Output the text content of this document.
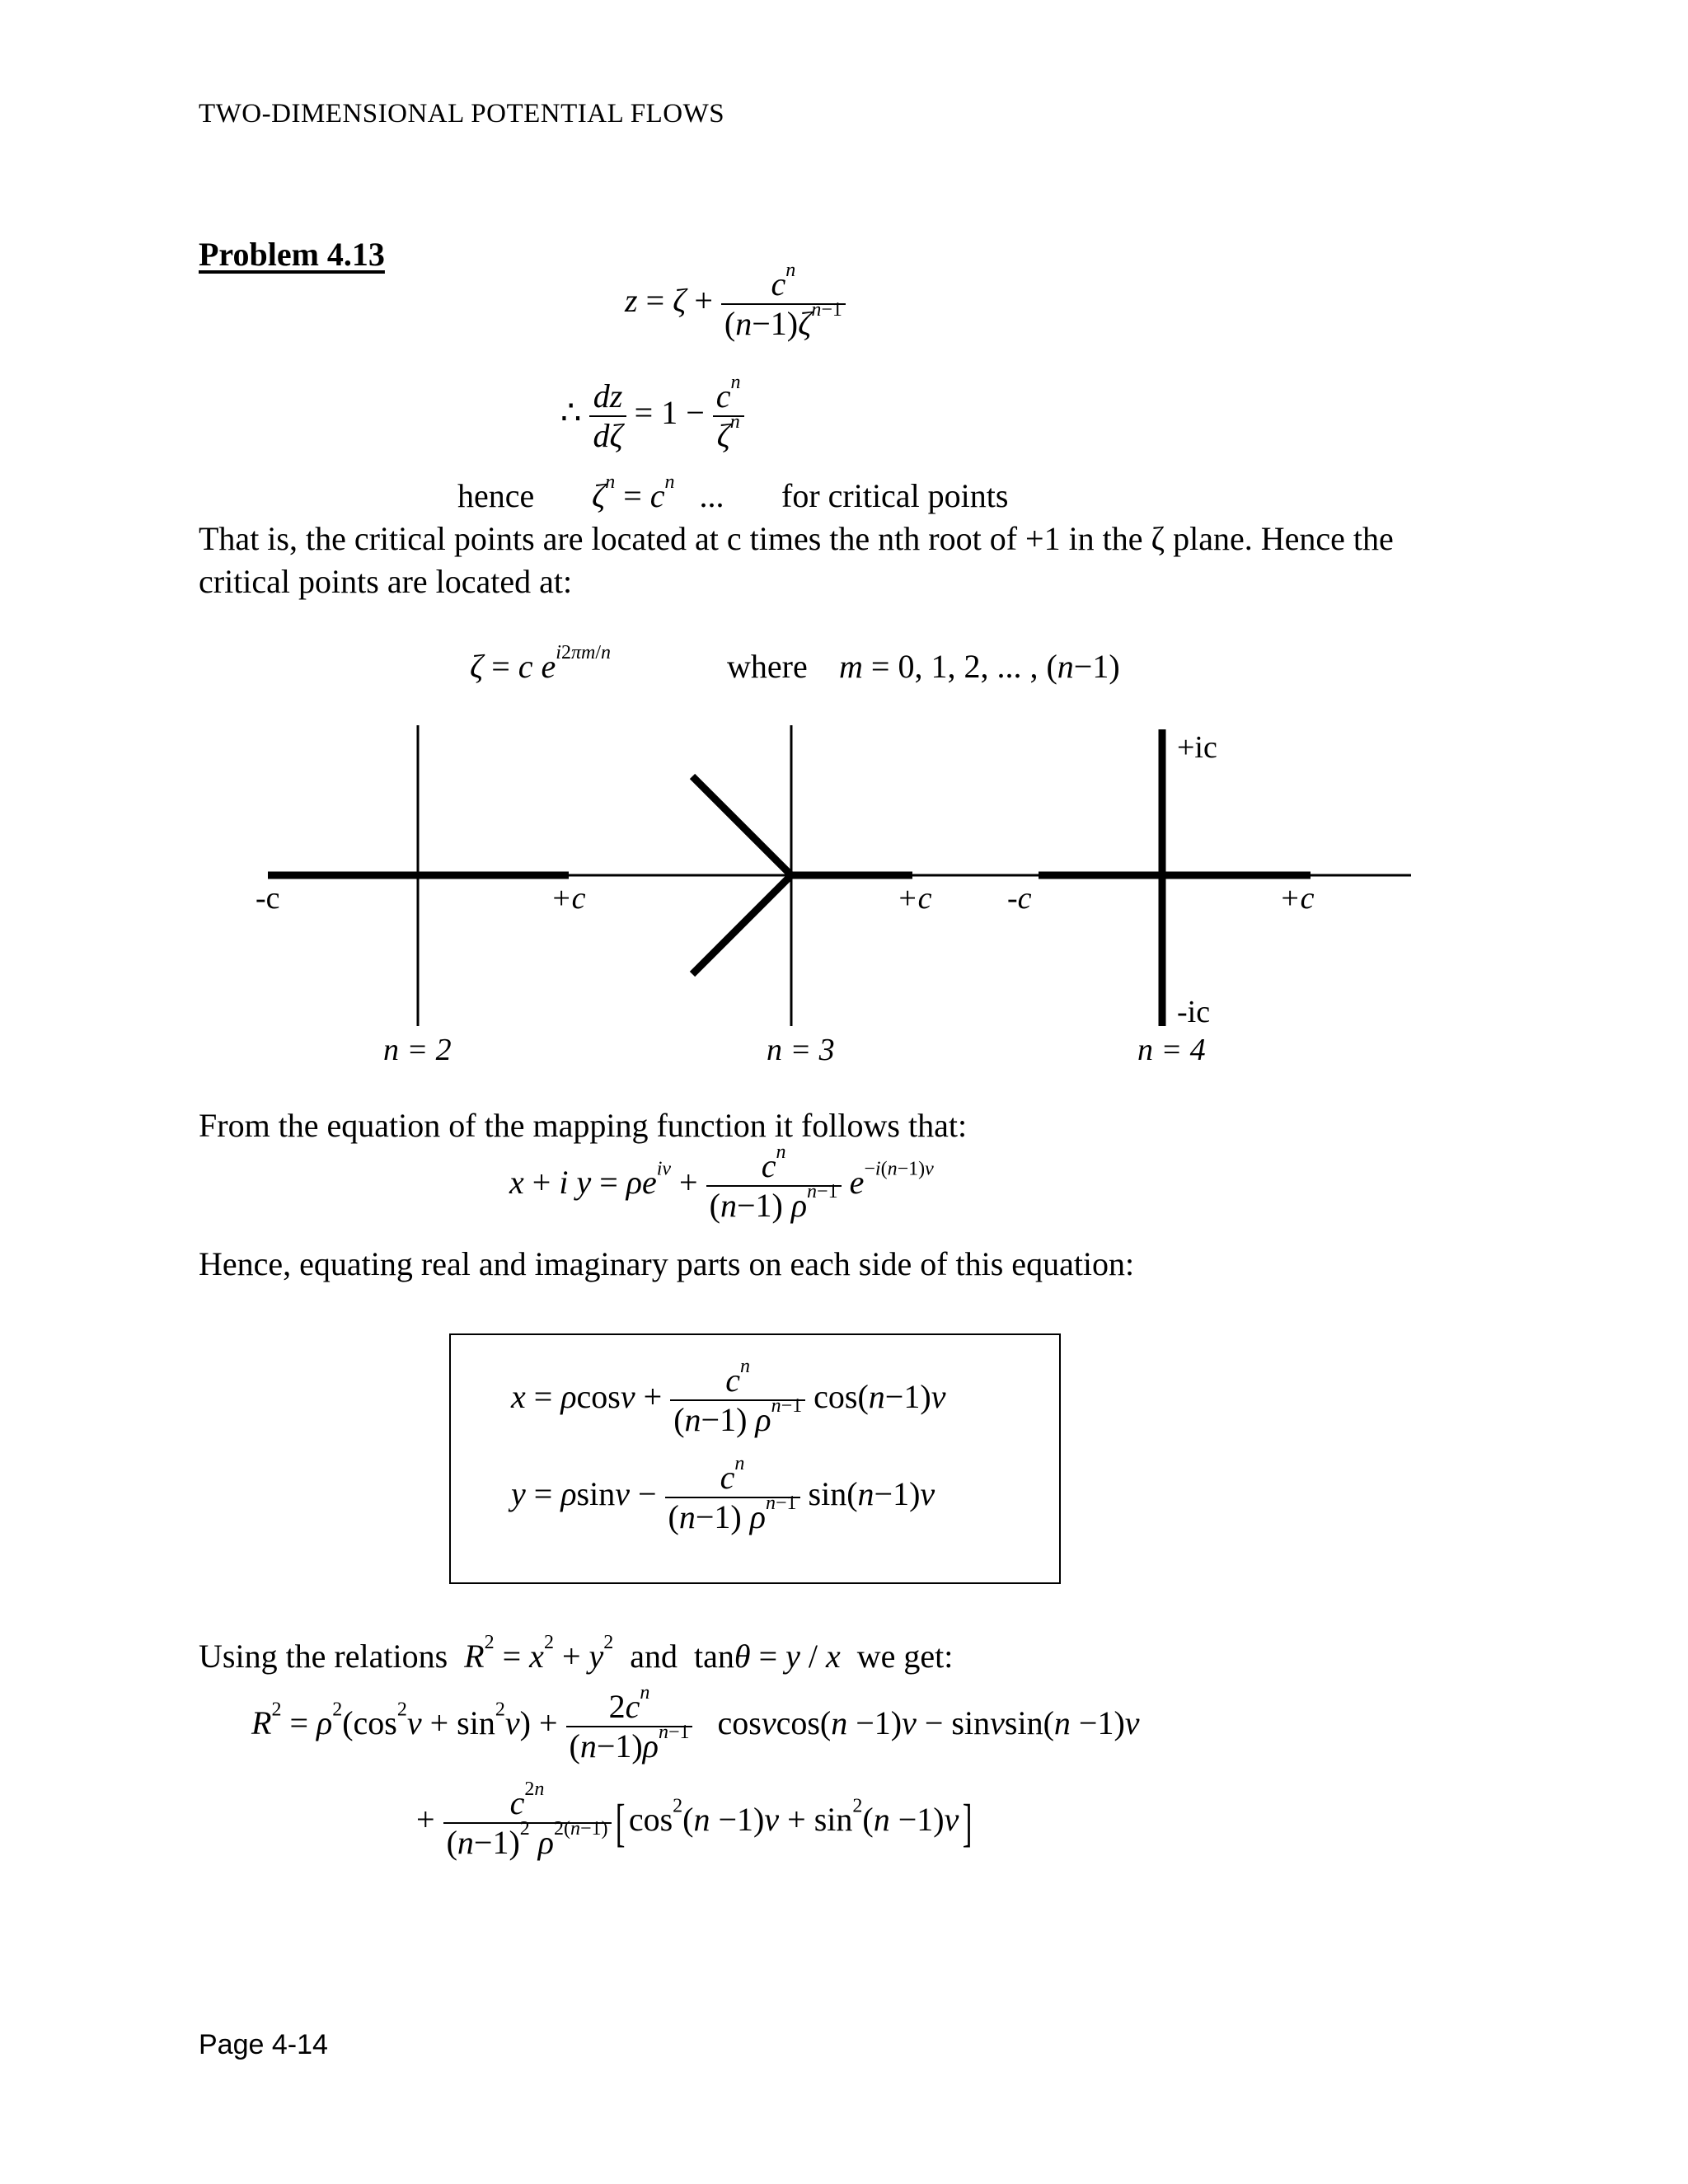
TWO-DIMENSIONAL POTENTIAL FLOWS
Problem 4.13
$z = \zeta + \frac{c^n}{(n-1)\zeta^{n-1}}$
∴ $\frac{dz}{d\zeta} = 1 - \frac{c^n}{\zeta^n}$
hence $\zeta^n = c^n$   ... for critical points
That is, the critical points are located at c times the nth root of +1 in the ζ plane. Hence the
critical points are located at:
ζ = c $e^{i2\pi m/n}$	where m = 0, 1, 2, ... , (n−1)
-c	+c
n = 2
+c
n = 3
-c	+c
+ic
-ic
n = 4
From the equation of the mapping function it follows that:
x + i $y = \rho e^{i\nu} + \frac{c^n}{(n-1) \rho^{n-1}} e^{-i(n-1)\nu}$
Hence, equating real and imaginary parts on each side of this equation:
$x = \rho\cos\nu + \frac{c^n}{(n-1) \rho^{n-1}} \cos(n-1)\nu$
$y = \rho\sin\nu - \frac{c^n}{(n-1) \rho^{n-1}} \sin(n-1)\nu$
Using the relations $R^2 = x^2 + y^2$ and tanθ = y / x we get:
$R^2 = \rho^2(\cos^2\nu + \sin^2\nu) + \frac{2c^n}{(n-1)\rho^{n-1}} \cos\nu\cos(n -1)\nu - \sin\nu\sin(n -1)\nu$
+ $\frac{c^{2n}}{(n-1)^2 \rho^{2(n-1)}}$ [ $\cos^2(n -1)\nu + \sin^2(n -1)\nu$]
Page 4-14
